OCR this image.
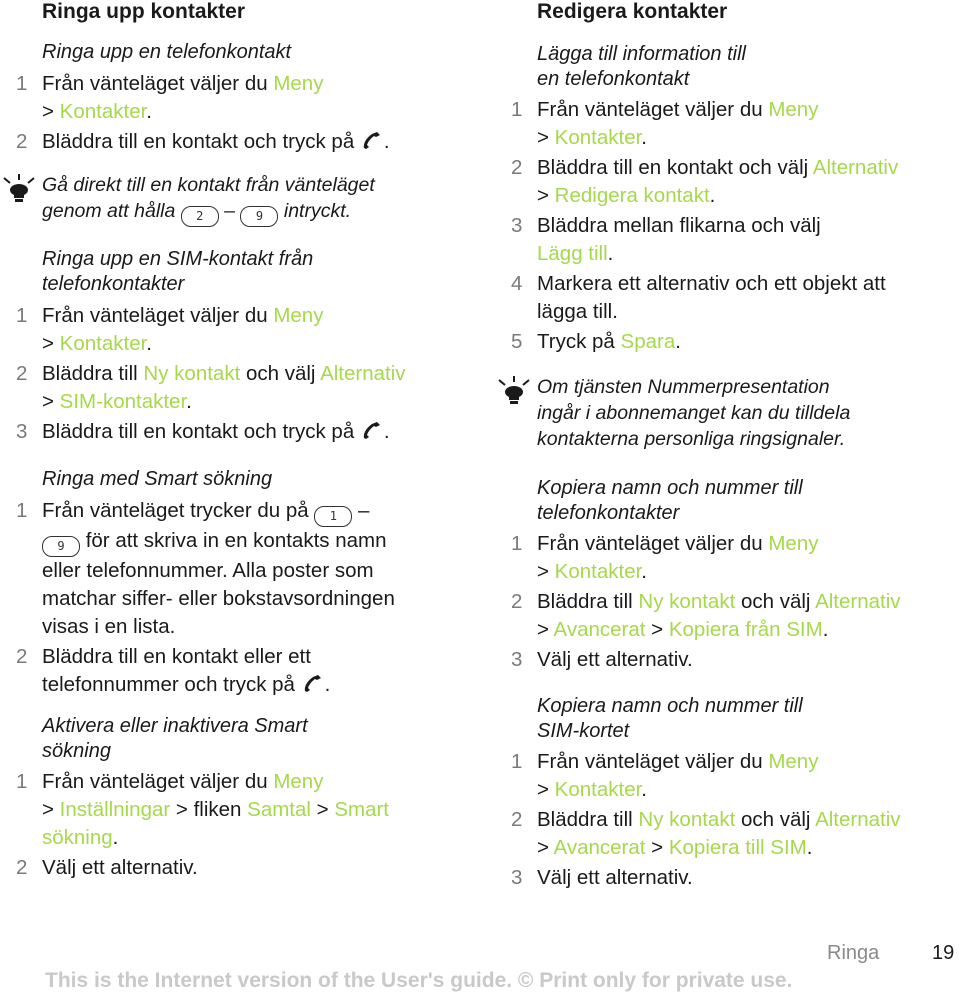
Ringa upp kontakter
Ringa upp en telefonkontakt
1 Från vänteläget väljer du Meny
> Kontakter.
2 Bläddra till en kontakt och tryck på .
Gå direkt till en kontakt från vänteläget
genom att hålla 2 – 9 intryckt.
Ringa upp en SIM-kontakt från
telefonkontakter
1 Från vänteläget väljer du Meny
> Kontakter.
2 Bläddra till Ny kontakt och välj Alternativ
> SIM-kontakter.
3 Bläddra till en kontakt och tryck på .
Ringa med Smart sökning
1 Från vänteläget trycker du på 1 –
9 för att skriva in en kontakts namn
eller telefonnummer. Alla poster som
matchar siffer- eller bokstavsordningen
visas i en lista.
2 Bläddra till en kontakt eller ett
telefonnummer och tryck på .
Aktivera eller inaktivera Smart
sökning
1 Från vänteläget väljer du Meny
> Inställningar > fliken Samtal > Smart
sökning.
2 Välj ett alternativ.
Redigera kontakter
Lägga till information till
en telefonkontakt
1 Från vänteläget väljer du Meny
> Kontakter.
2 Bläddra till en kontakt och välj Alternativ
> Redigera kontakt.
3 Bläddra mellan flikarna och välj
Lägg till.
4 Markera ett alternativ och ett objekt att
lägga till.
5 Tryck på Spara.
Om tjänsten Nummerpresentation
ingår i abonnemanget kan du tilldela
kontakterna personliga ringsignaler.
Kopiera namn och nummer till
telefonkontakter
1 Från vänteläget väljer du Meny
> Kontakter.
2 Bläddra till Ny kontakt och välj Alternativ
> Avancerat > Kopiera från SIM.
3 Välj ett alternativ.
Kopiera namn och nummer till
SIM-kortet
1 Från vänteläget väljer du Meny
> Kontakter.
2 Bläddra till Ny kontakt och välj Alternativ
> Avancerat > Kopiera till SIM.
3 Välj ett alternativ.
Ringa	19
This is the Internet version of the User's guide. © Print only for private use.
